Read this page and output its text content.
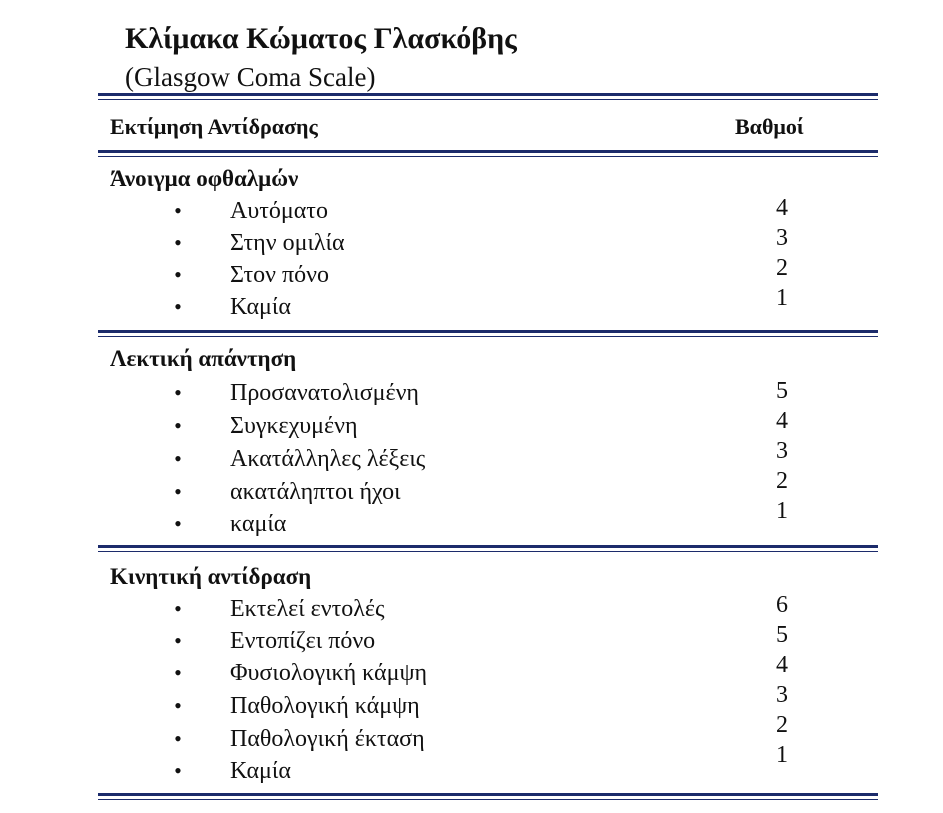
Κλίμακα Κώματος Γλασκόβης
(Glasgow Coma Scale)
Εκτίμηση Αντίδρασης	Βαθμοί
Άνοιγμα οφθαλμών
• Αυτόματο
• Στην ομιλία
• Στον πόνο
• Καμία
4
3
2
1
Λεκτική απάντηση
• Προσανατολισμένη
• Συγκεχυμένη
• Ακατάλληλες λέξεις
• ακατάληπτοι ήχοι
• καμία
5
4
3
2
1
Κινητική αντίδραση
• Εκτελεί εντολές
• Εντοπίζει πόνο
• Φυσιολογική κάμψη
• Παθολογική κάμψη
• Παθολογική έκταση
• Καμία
6
5
4
3
2
1
